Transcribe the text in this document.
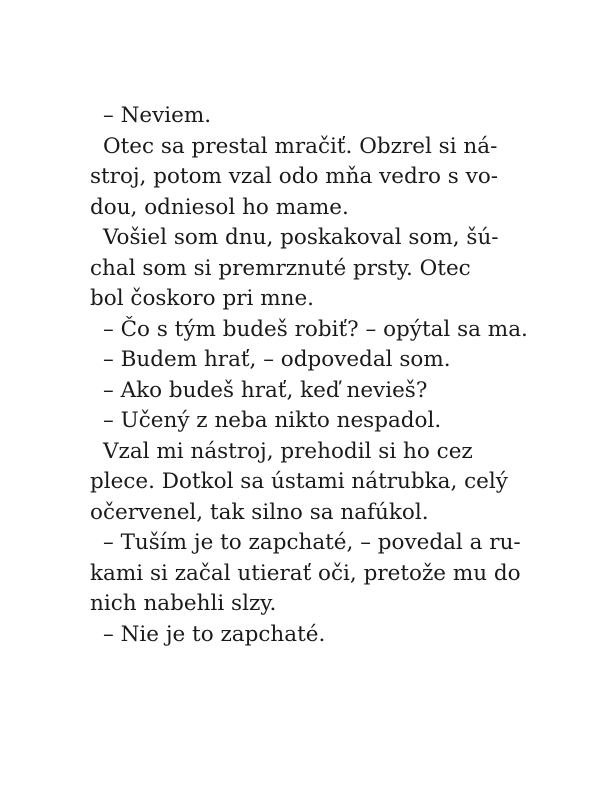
– Neviem.
Otec sa prestal mračiť. Obzrel si ná-
stroj, potom vzal odo mňa vedro s vo-
dou, odniesol ho mame.
Vošiel som dnu, poskakoval som, šú-
chal som si premrznuté prsty. Otec
bol čoskoro pri mne.
– Čo s tým budeš robiť? – opýtal sa ma.
– Budem hrať, – odpovedal som.
– Ako budeš hrať, keď nevieš?
– Učený z neba nikto nespadol.
Vzal mi nástroj, prehodil si ho cez
plece. Dotkol sa ústami nátrubka, celý
očervenel, tak silno sa nafúkol.
– Tuším je to zapchaté, – povedal a ru-
kami si začal utierať oči, pretože mu do
nich nabehli slzy.
– Nie je to zapchaté.
